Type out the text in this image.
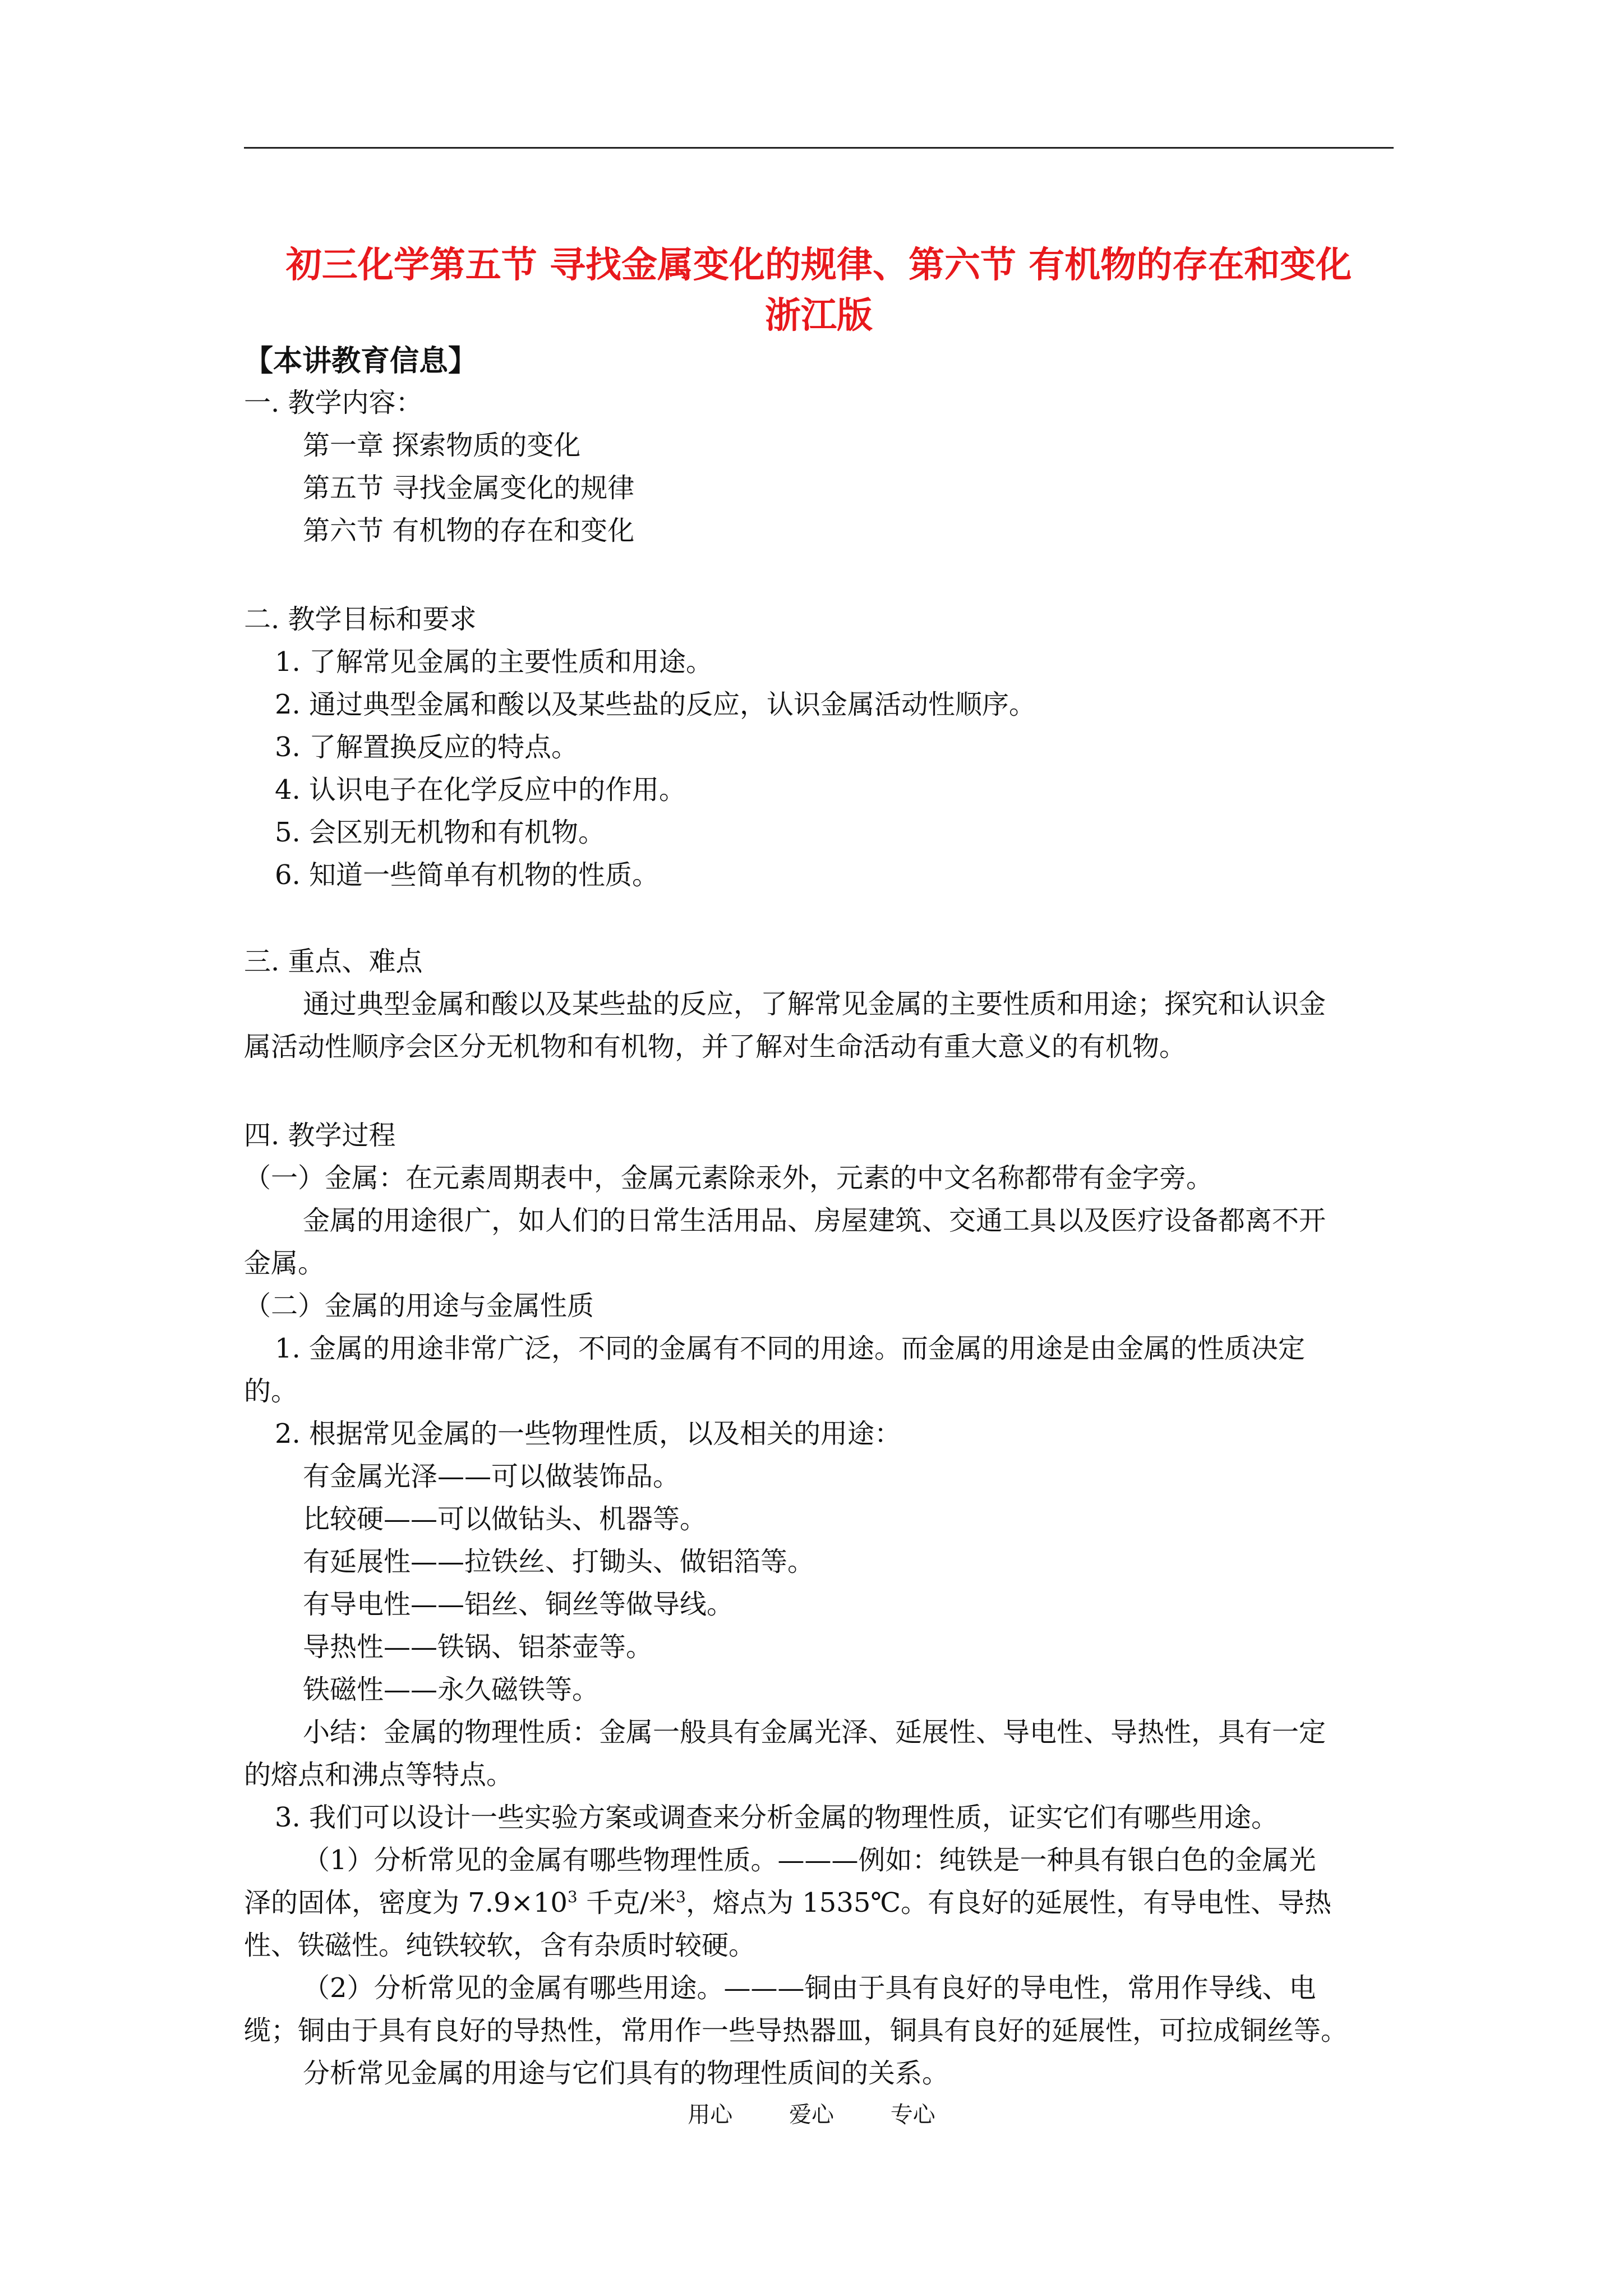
初三化学第五节 寻找金属变化的规律、第六节 有机物的存在和变化
浙江版
【本讲教育信息】
一. 教学内容：
第一章 探索物质的变化
第五节 寻找金属变化的规律
第六节 有机物的存在和变化
二. 教学目标和要求
1. 了解常见金属的主要性质和用途。
2. 通过典型金属和酸以及某些盐的反应，认识金属活动性顺序。
3. 了解置换反应的特点。
4. 认识电子在化学反应中的作用。
5. 会区别无机物和有机物。
6. 知道一些简单有机物的性质。
三. 重点、难点
通过典型金属和酸以及某些盐的反应，了解常见金属的主要性质和用途；探究和认识金
属活动性顺序会区分无机物和有机物，并了解对生命活动有重大意义的有机物。
四. 教学过程
（一）金属：在元素周期表中，金属元素除汞外，元素的中文名称都带有金字旁。
金属的用途很广，如人们的日常生活用品、房屋建筑、交通工具以及医疗设备都离不开
金属。
（二）金属的用途与金属性质
1. 金属的用途非常广泛，不同的金属有不同的用途。而金属的用途是由金属的性质决定
的。
2. 根据常见金属的一些物理性质，以及相关的用途：
有金属光泽——可以做装饰品。
比较硬——可以做钻头、机器等。
有延展性——拉铁丝、打锄头、做铝箔等。
有导电性——铝丝、铜丝等做导线。
导热性——铁锅、铝茶壶等。
铁磁性——永久磁铁等。
小结：金属的物理性质：金属一般具有金属光泽、延展性、导电性、导热性，具有一定
的熔点和沸点等特点。
3. 我们可以设计一些实验方案或调查来分析金属的物理性质，证实它们有哪些用途。
（1）分析常见的金属有哪些物理性质。———例如：纯铁是一种具有银白色的金属光
泽的固体，密度为 $7.9\times 10^3$ 千克/米$^3$，熔点为 1535℃。有良好的延展性，有导电性、导热
性、铁磁性。纯铁较软，含有杂质时较硬。
（2）分析常见的金属有哪些用途。———铜由于具有良好的导电性，常用作导线、电
缆；铜由于具有良好的导热性，常用作一些导热器皿，铜具有良好的延展性，可拉成铜丝等。
分析常见金属的用途与它们具有的物理性质间的关系。
用心	爱心	专心
